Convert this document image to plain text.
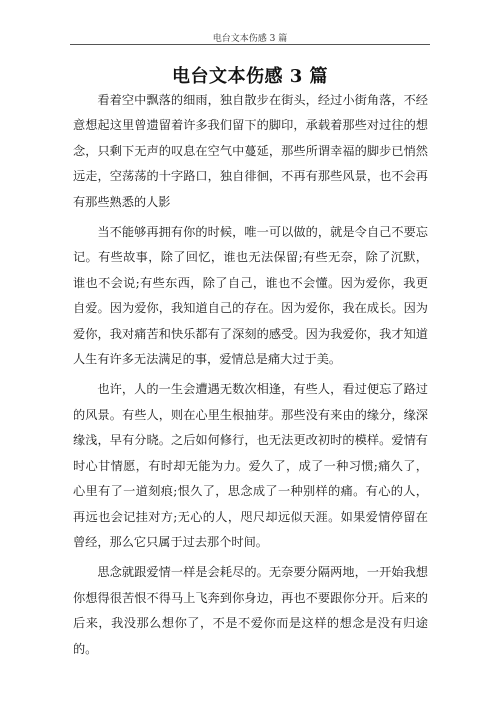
电台文本伤感 3 篇
电台文本伤感 3 篇

看着空中飘落的细雨，独自散步在街头，经过小街角落，不经意想起这里曾遗留着许多我们留下的脚印，承载着那些对过往的想念，只剩下无声的叹息在空气中蔓延，那些所谓幸福的脚步已悄然远走，空荡荡的十字路口，独自徘徊，不再有那些风景，也不会再有那些熟悉的人影

当不能够再拥有你的时候，唯一可以做的，就是令自己不要忘记。有些故事，除了回忆，谁也无法保留;有些无奈，除了沉默，谁也不会说;有些东西，除了自己，谁也不会懂。因为爱你，我更自爱。因为爱你，我知道自己的存在。因为爱你，我在成长。因为爱你，我对痛苦和快乐都有了深刻的感受。因为我爱你，我才知道人生有许多无法满足的事，爱情总是痛大过于美。

也许，人的一生会遭遇无数次相逢，有些人，看过便忘了路过的风景。有些人，则在心里生根抽芽。那些没有来由的缘分，缘深缘浅，早有分晓。之后如何修行，也无法更改初时的模样。爱情有时心甘情愿，有时却无能为力。爱久了，成了一种习惯;痛久了，心里有了一道刻痕;恨久了，思念成了一种别样的痛。有心的人，再远也会记挂对方;无心的人，咫尺却远似天涯。如果爱情停留在曾经，那么它只属于过去那个时间。

思念就跟爱情一样是会耗尽的。无奈要分隔两地，一开始我想你想得很苦恨不得马上飞奔到你身边，再也不要跟你分开。后来的后来，我没那么想你了，不是不爱你而是这样的想念是没有归途的。
